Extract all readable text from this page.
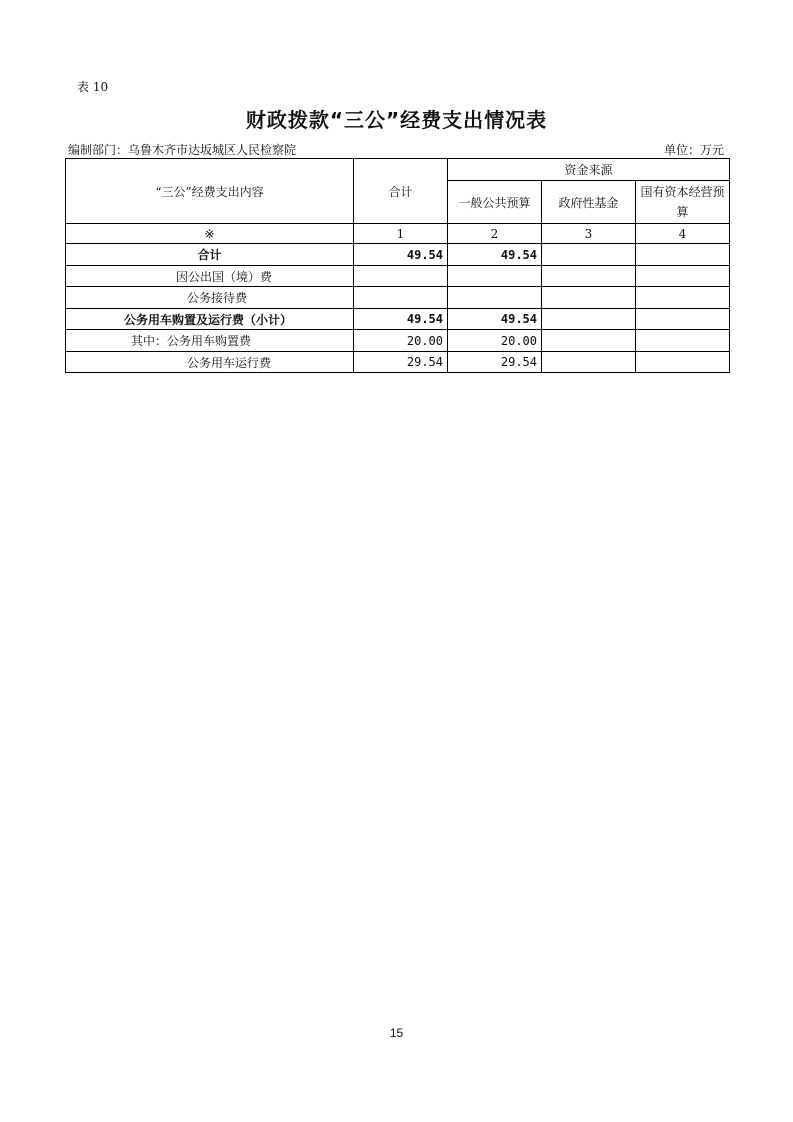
表 10
财政拨款“三公”经费支出情况表
编制部门：乌鲁木齐市达坂城区人民检察院	单位：万元
“三公”经费支出内容	合计	资金来源		
		一般公共预算	政府性基金	国有资本经营预算
※	1	2	3	4
合计	49.54	49.54		
因公出国（境）费				
公务接待费				
公务用车购置及运行费（小计）	49.54	49.54		
其中：公务用车购置费	20.00	20.00		
公务用车运行费	29.54	29.54		
15
